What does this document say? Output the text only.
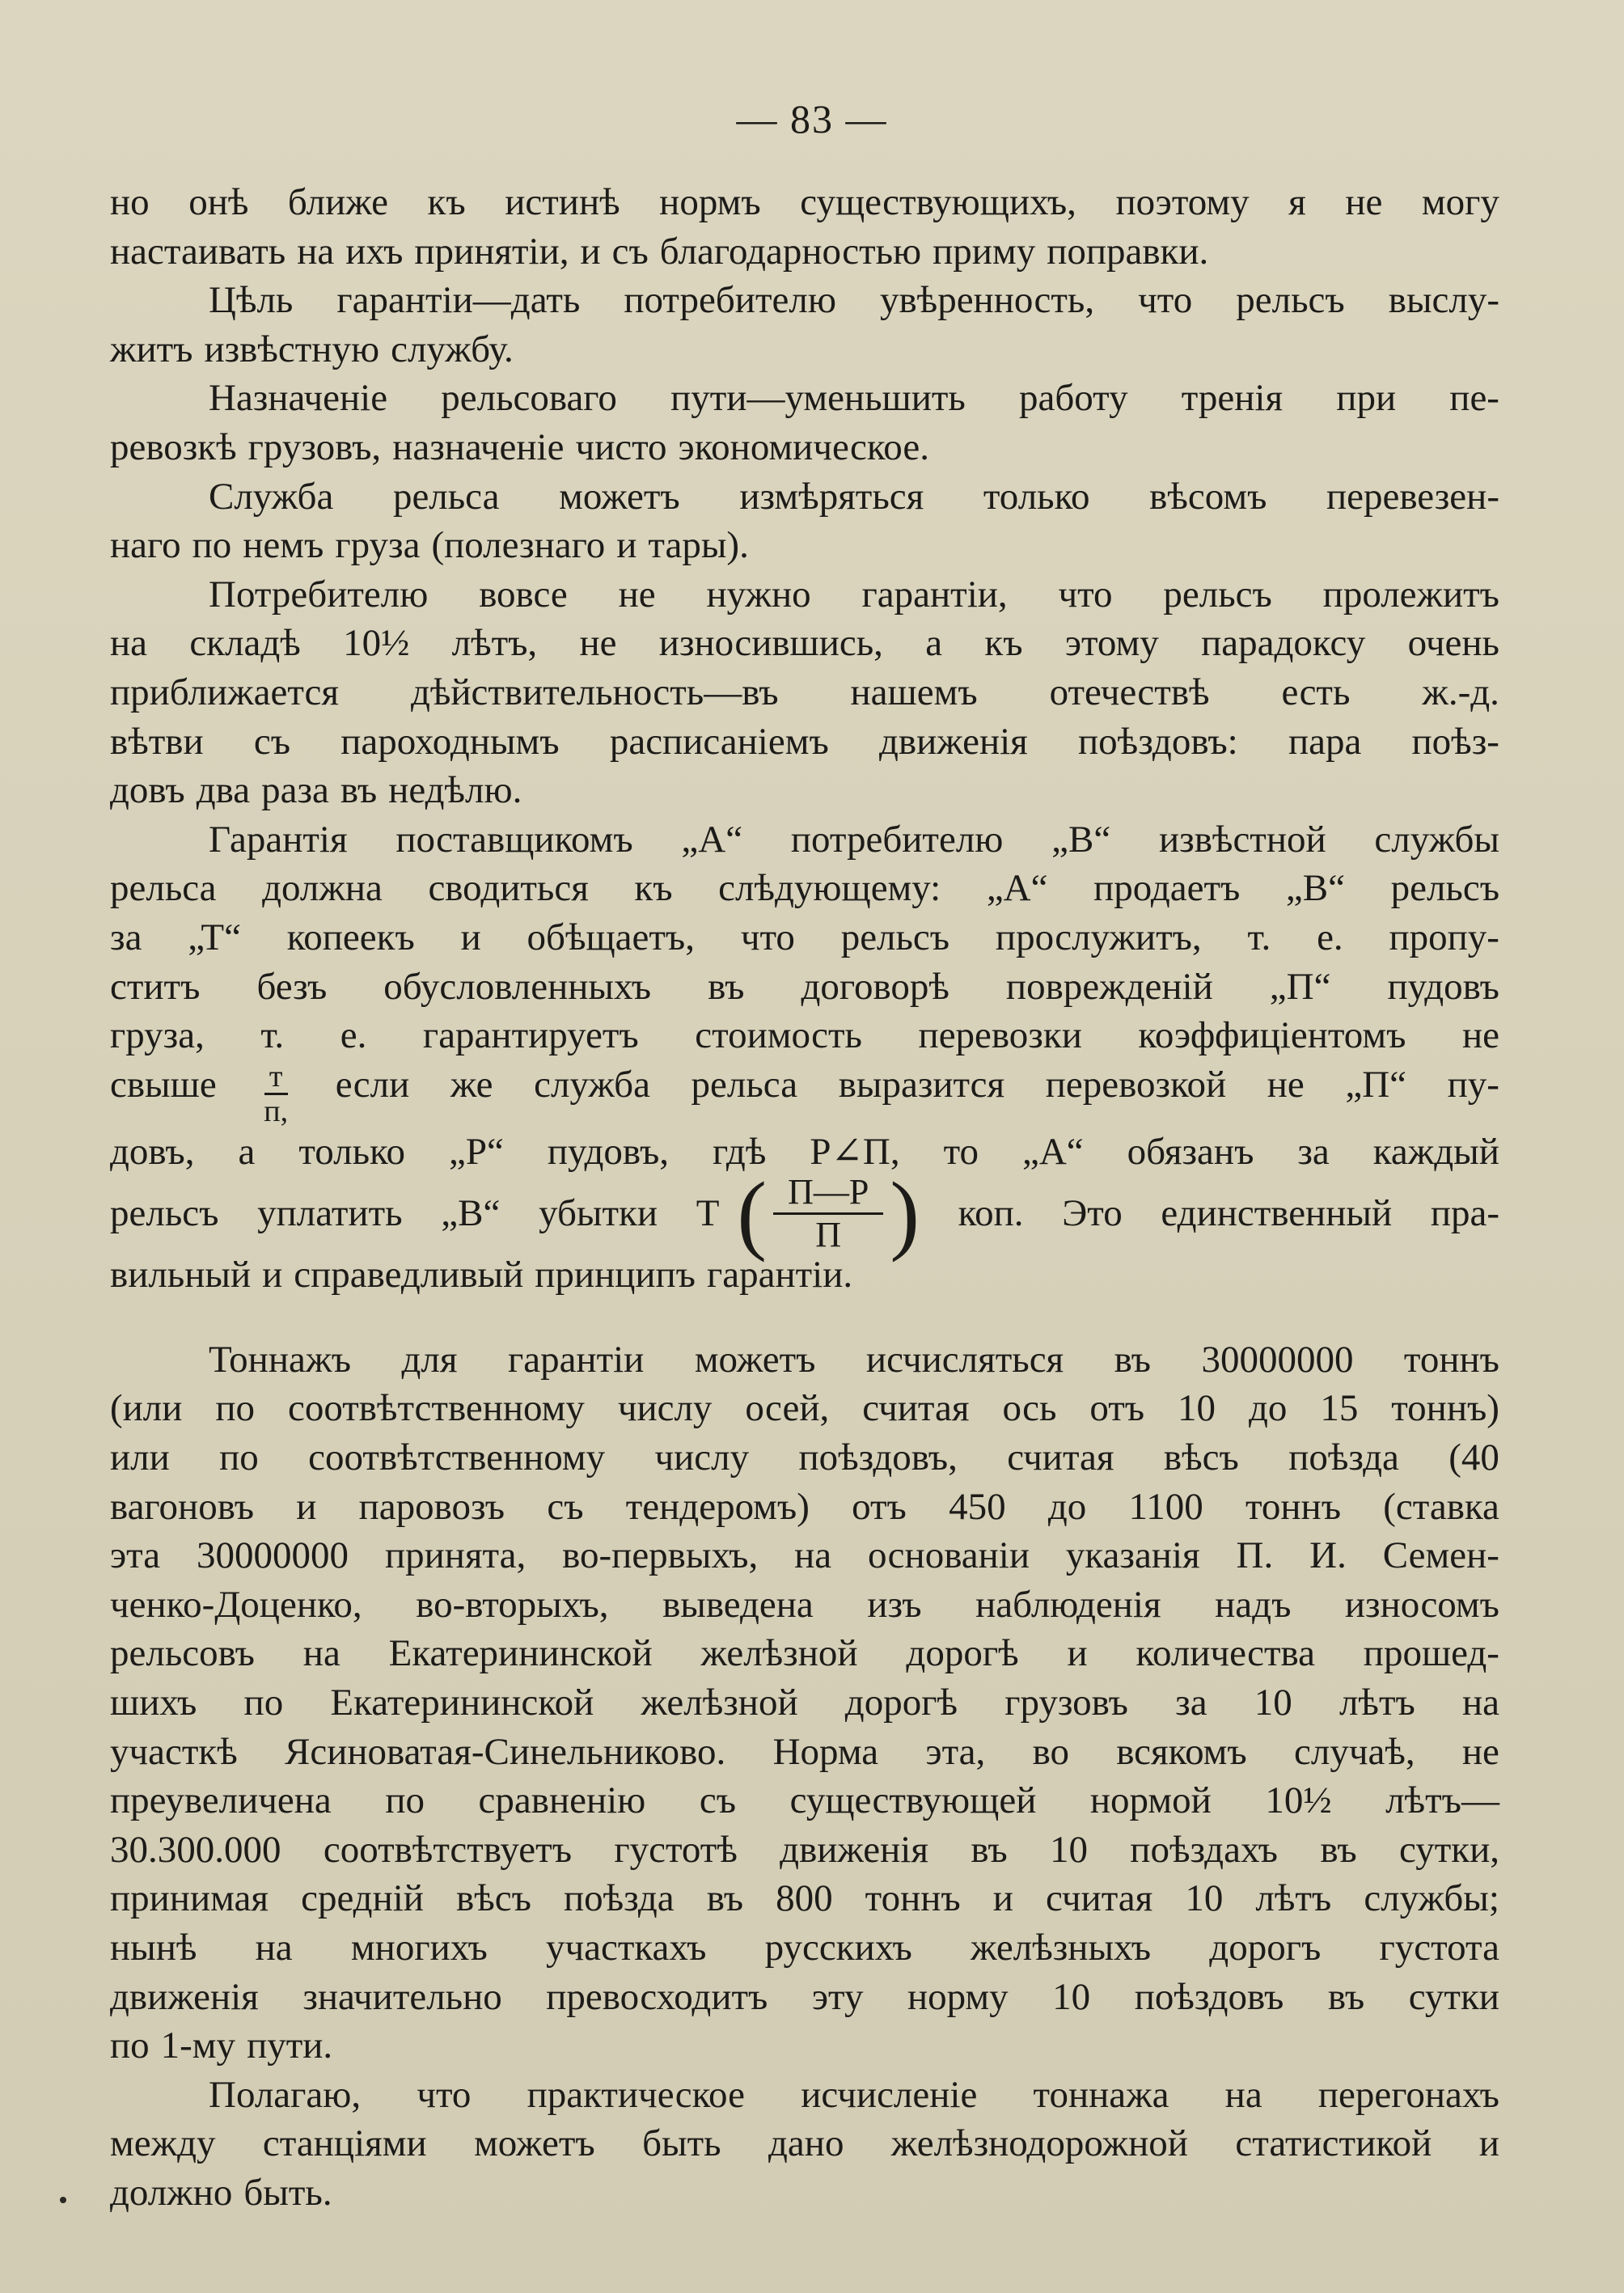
— 83 —
но онѣ ближе къ истинѣ нормъ существующихъ, поэтому я не могу
настаивать на ихъ принятіи, и съ благодарностью приму поправки.
Цѣль гарантіи—дать потребителю увѣренность, что рельсъ выслу-
житъ извѣстную службу.
Назначеніе рельсоваго пути—уменьшить работу тренія при пе-
ревозкѣ грузовъ, назначеніе чисто экономическое.
Служба рельса можетъ измѣряться только вѣсомъ перевезен-
наго по немъ груза (полезнаго и тары).
Потребителю вовсе не нужно гарантіи, что рельсъ пролежитъ
на складѣ 10½ лѣтъ, не износившись, а къ этому парадоксу очень
приближается дѣйствительность—въ нашемъ отечествѣ есть ж.-д.
вѣтви съ пароходнымъ расписаніемъ движенія поѣздовъ: пара поѣз-
довъ два раза въ недѣлю.
Гарантія поставщикомъ „А“ потребителю „В“ извѣстной службы
рельса должна сводиться къ слѣдующему: „А“ продаетъ „В“ рельсъ
за „Т“ копеекъ и обѣщаетъ, что рельсъ прослужитъ, т. е. пропу-
ститъ безъ обусловленныхъ въ договорѣ поврежденій „П“ пудовъ
груза, т. е. гарантируетъ стоимость перевозки коэффиціентомъ не
свыше $\frac{т}{п,}$ если же служба рельса выразится перевозкой не „П“ пу-
довъ, а только „Р“ пудовъ, гдѣ Р∠П, то „А“ обязанъ за каждый
рельсъ уплатить „В“ убытки Т ( $\frac{П—Р}{П}$ ) коп. Это единственный пра-
вильный и справедливый принципъ гарантіи.
Тоннажъ для гарантіи можетъ исчисляться въ 30000000 тоннъ
(или по соотвѣтственному числу осей, считая ось отъ 10 до 15 тоннъ)
или по соотвѣтственному числу поѣздовъ, считая вѣсъ поѣзда (40
вагоновъ и паровозъ съ тендеромъ) отъ 450 до 1100 тоннъ (ставка
эта 30000000 принята, во-первыхъ, на основаніи указанія П. И. Семен-
ченко-Доценко, во-вторыхъ, выведена изъ наблюденія надъ износомъ
рельсовъ на Екатерининской желѣзной дорогѣ и количества прошед-
шихъ по Екатерининской желѣзной дорогѣ грузовъ за 10 лѣтъ на
участкѣ Ясиноватая-Синельниково. Норма эта, во всякомъ случаѣ, не
преувеличена по сравненію съ существующей нормой 10½ лѣтъ—
30.300.000 соотвѣтствуетъ густотѣ движенія въ 10 поѣздахъ въ сутки,
принимая среднiй вѣсъ поѣзда въ 800 тоннъ и считая 10 лѣтъ службы;
нынѣ на многихъ участкахъ русскихъ желѣзныхъ дорогъ густота
движенія значительно превосходитъ эту норму 10 поѣздовъ въ сутки
по 1-му пути.
Полагаю, что практическое исчисленіе тоннажа на перегонахъ
между станціями можетъ быть дано желѣзнодорожной статистикой и
должно быть.
